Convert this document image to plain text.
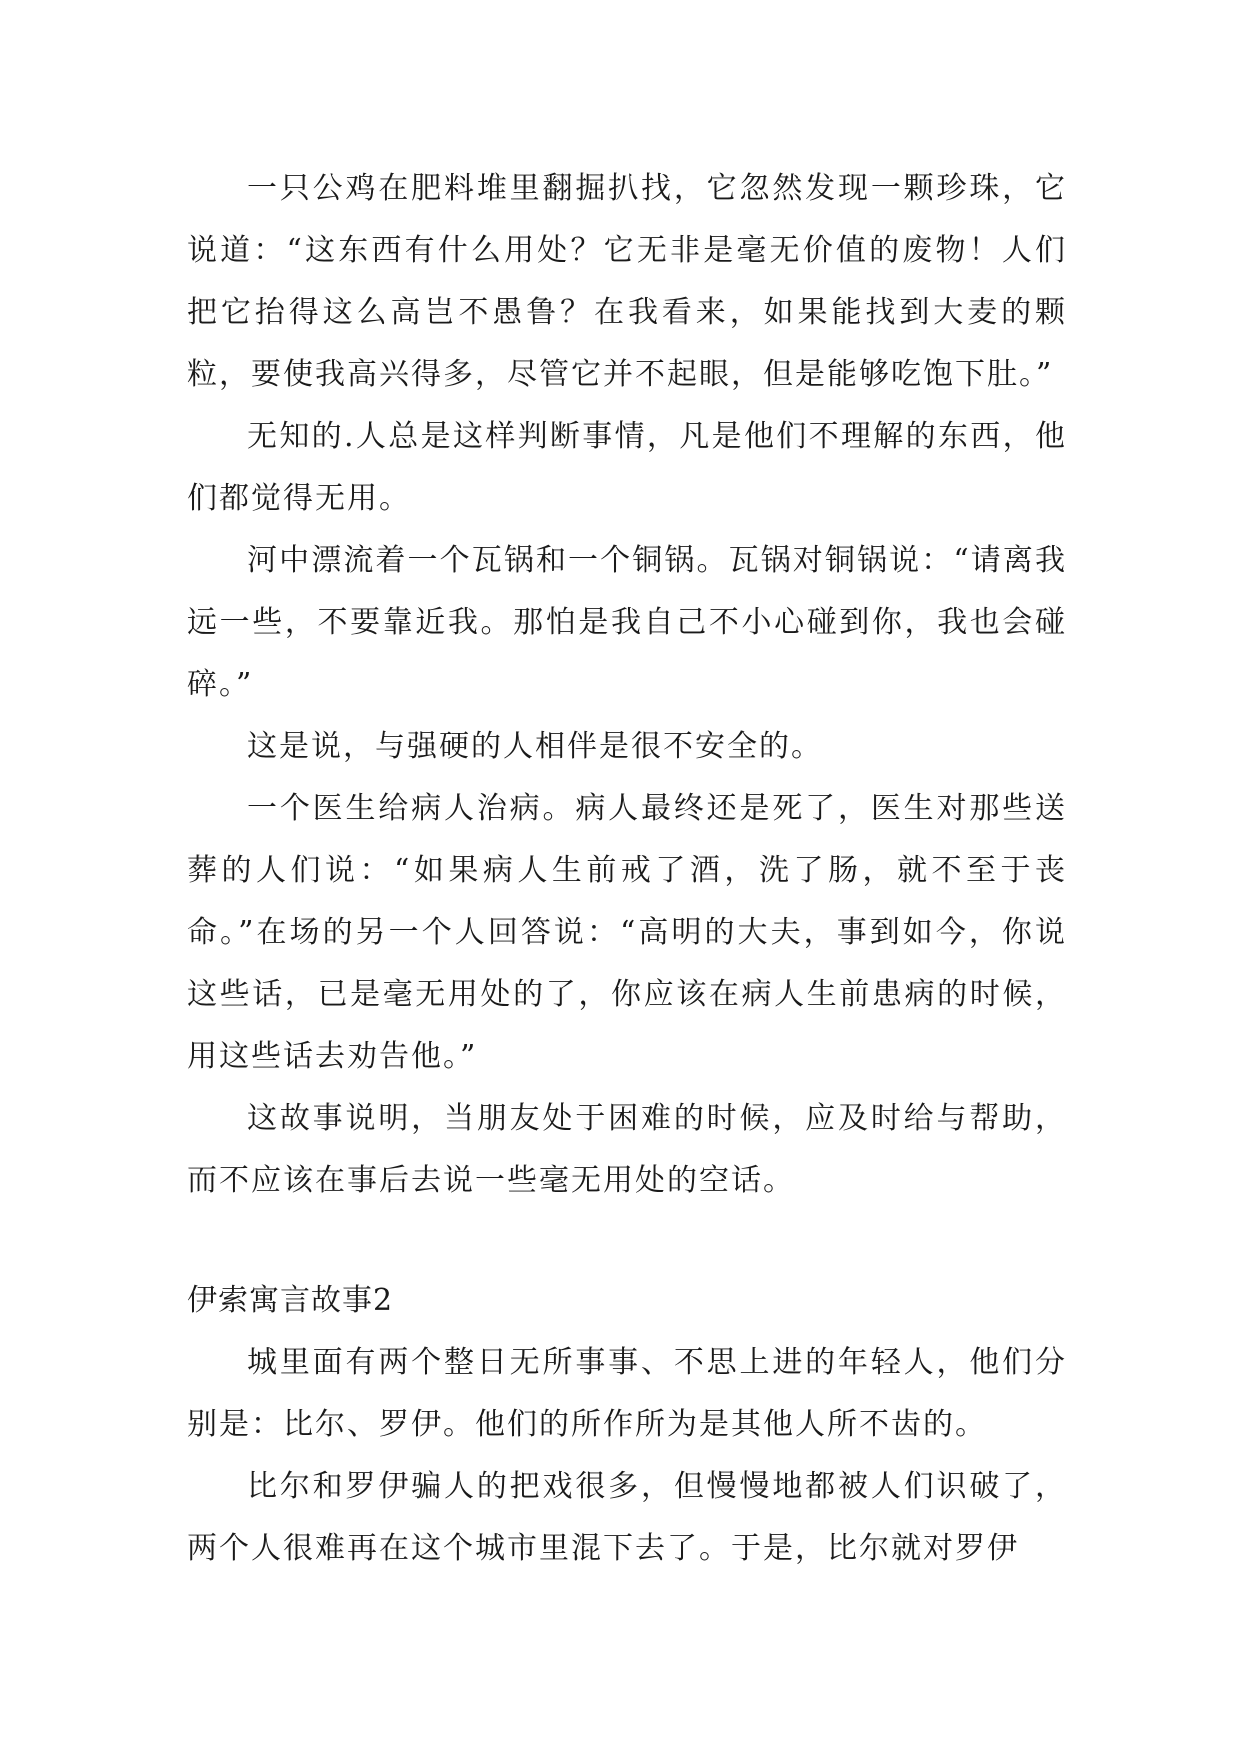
一只公鸡在肥料堆里翻掘扒找，它忽然发现一颗珍珠，它说道：“这东西有什么用处？它无非是毫无价值的废物！人们把它抬得这么高岂不愚鲁？在我看来，如果能找到大麦的颗粒，要使我高兴得多，尽管它并不起眼，但是能够吃饱下肚。”

无知的.人总是这样判断事情，凡是他们不理解的东西，他们都觉得无用。

河中漂流着一个瓦锅和一个铜锅。瓦锅对铜锅说：“请离我远一些，不要靠近我。那怕是我自己不小心碰到你，我也会碰碎。”

这是说，与强硬的人相伴是很不安全的。

一个医生给病人治病。病人最终还是死了，医生对那些送葬的人们说：“如果病人生前戒了酒，洗了肠，就不至于丧命。”在场的另一个人回答说：“高明的大夫，事到如今，你说这些话，已是毫无用处的了，你应该在病人生前患病的时候，用这些话去劝告他。”

这故事说明，当朋友处于困难的时候，应及时给与帮助，而不应该在事后去说一些毫无用处的空话。

伊索寓言故事2

城里面有两个整日无所事事、不思上进的年轻人，他们分别是：比尔、罗伊。他们的所作所为是其他人所不齿的。

比尔和罗伊骗人的把戏很多，但慢慢地都被人们识破了，两个人很难再在这个城市里混下去了。于是，比尔就对罗伊
